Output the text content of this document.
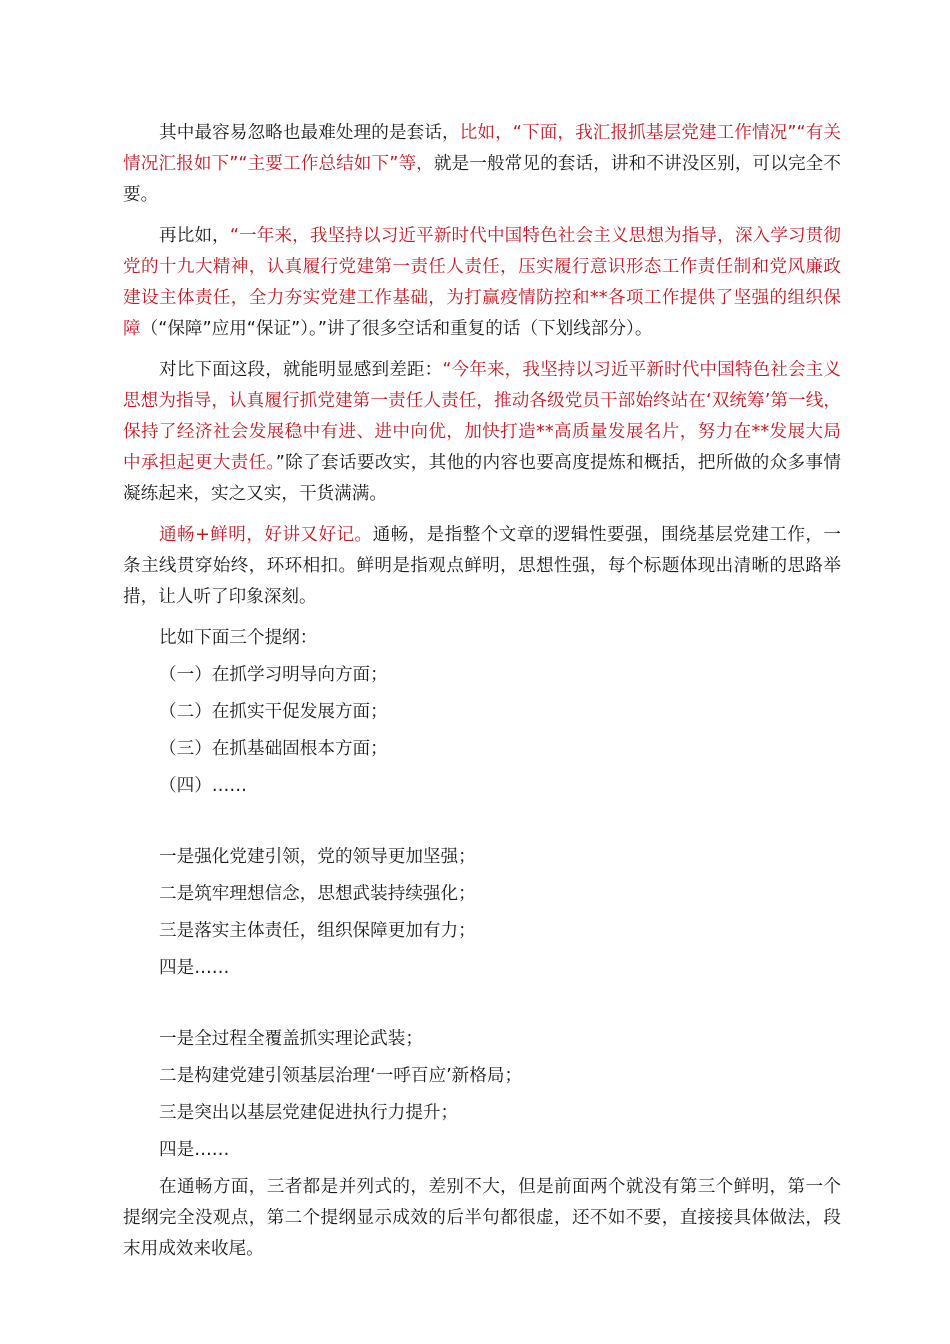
其中最容易忽略也最难处理的是套话，比如，“下面，我汇报抓基层党建工作情况”“有关情况汇报如下”“主要工作总结如下”等，就是一般常见的套话，讲和不讲没区别，可以完全不要。

再比如，“一年来，我坚持以习近平新时代中国特色社会主义思想为指导，深入学习贯彻党的十九大精神，认真履行党建第一责任人责任，压实履行意识形态工作责任制和党风廉政建设主体责任，全力夯实党建工作基础，为打赢疫情防控和**各项工作提供了坚强的组织保障（“保障”应用“保证”）。”讲了很多空话和重复的话（下划线部分）。

对比下面这段，就能明显感到差距：“今年来，我坚持以习近平新时代中国特色社会主义思想为指导，认真履行抓党建第一责任人责任，推动各级党员干部始终站在‘双统筹’第一线，保持了经济社会发展稳中有进、进中向优，加快打造**高质量发展名片，努力在**发展大局中承担起更大责任。”除了套话要改实，其他的内容也要高度提炼和概括，把所做的众多事情凝练起来，实之又实，干货满满。

通畅+鲜明，好讲又好记。通畅，是指整个文章的逻辑性要强，围绕基层党建工作，一条主线贯穿始终，环环相扣。鲜明是指观点鲜明，思想性强，每个标题体现出清晰的思路举措，让人听了印象深刻。

比如下面三个提纲：

（一）在抓学习明导向方面；

（二）在抓实干促发展方面；

（三）在抓基础固根本方面；

（四）……

一是强化党建引领，党的领导更加坚强；

二是筑牢理想信念，思想武装持续强化；

三是落实主体责任，组织保障更加有力；

四是……

一是全过程全覆盖抓实理论武装；

二是构建党建引领基层治理‘一呼百应’新格局；

三是突出以基层党建促进执行力提升；

四是……

在通畅方面，三者都是并列式的，差别不大，但是前面两个就没有第三个鲜明，第一个提纲完全没观点，第二个提纲显示成效的后半句都很虚，还不如不要，直接接具体做法，段末用成效来收尾。
